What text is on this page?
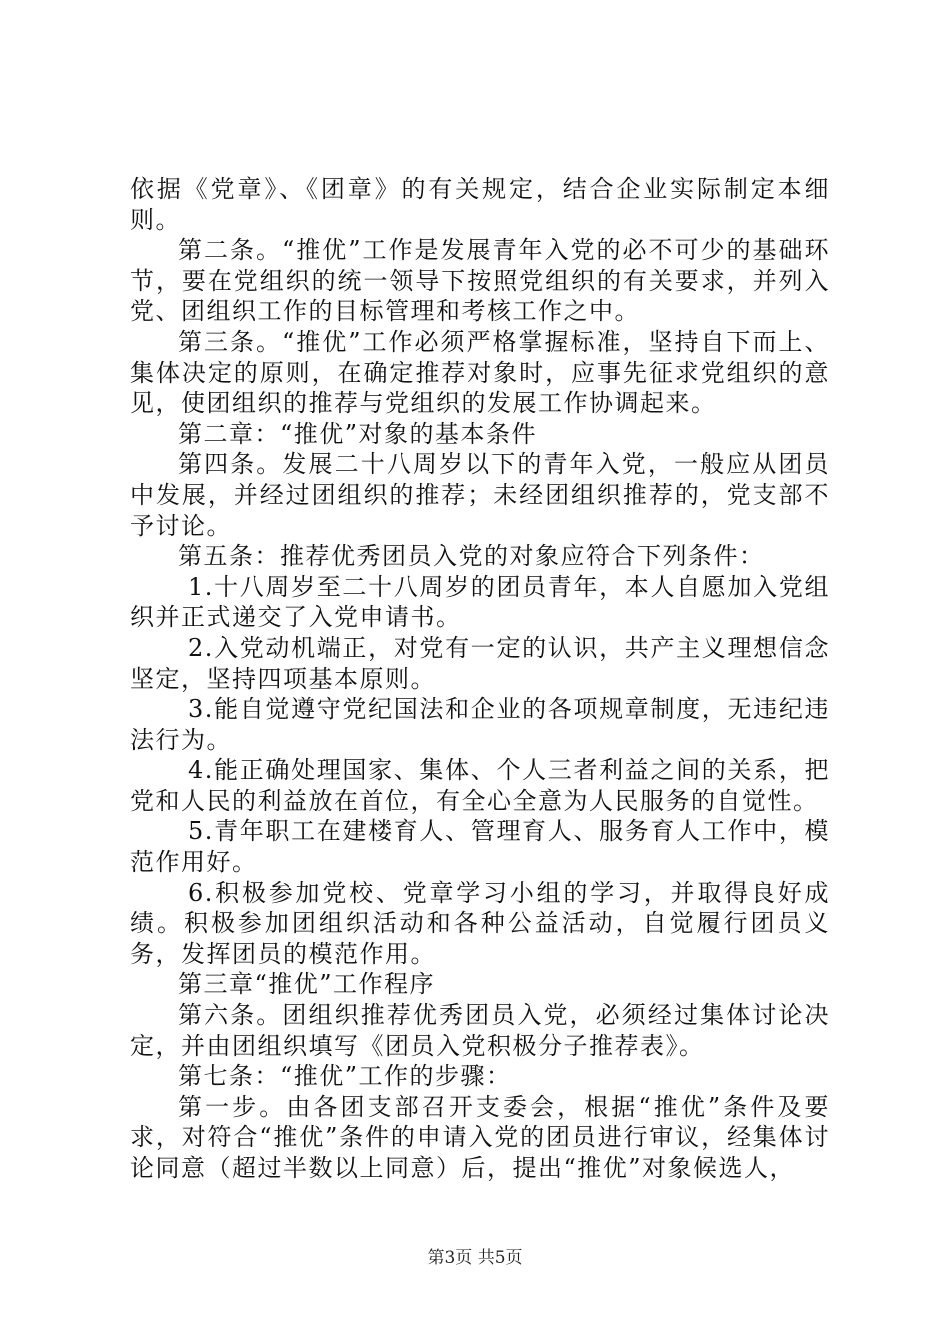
依据《党章》、《团章》的有关规定，结合企业实际制定本细则。

第二条。“推优”工作是发展青年入党的必不可少的基础环节，要在党组织的统一领导下按照党组织的有关要求，并列入党、团组织工作的目标管理和考核工作之中。

第三条。“推优”工作必须严格掌握标准，坚持自下而上、集体决定的原则，在确定推荐对象时，应事先征求党组织的意见，使团组织的推荐与党组织的发展工作协调起来。

第二章：“推优”对象的基本条件

第四条。发展二十八周岁以下的青年入党，一般应从团员中发展，并经过团组织的推荐；未经团组织推荐的，党支部不予讨论。

第五条：推荐优秀团员入党的对象应符合下列条件：

1.十八周岁至二十八周岁的团员青年，本人自愿加入党组织并正式递交了入党申请书。

2.入党动机端正，对党有一定的认识，共产主义理想信念坚定，坚持四项基本原则。

3.能自觉遵守党纪国法和企业的各项规章制度，无违纪违法行为。

4.能正确处理国家、集体、个人三者利益之间的关系，把党和人民的利益放在首位，有全心全意为人民服务的自觉性。

5.青年职工在建楼育人、管理育人、服务育人工作中，模范作用好。

6.积极参加党校、党章学习小组的学习，并取得良好成绩。积极参加团组织活动和各种公益活动，自觉履行团员义务，发挥团员的模范作用。

第三章“推优”工作程序

第六条。团组织推荐优秀团员入党，必须经过集体讨论决定，并由团组织填写《团员入党积极分子推荐表》。

第七条：“推优”工作的步骤：

第一步。由各团支部召开支委会，根据“推优”条件及要求，对符合“推优”条件的申请入党的团员进行审议，经集体讨论同意（超过半数以上同意）后，提出“推优”对象候选人，

第3页 共5页
